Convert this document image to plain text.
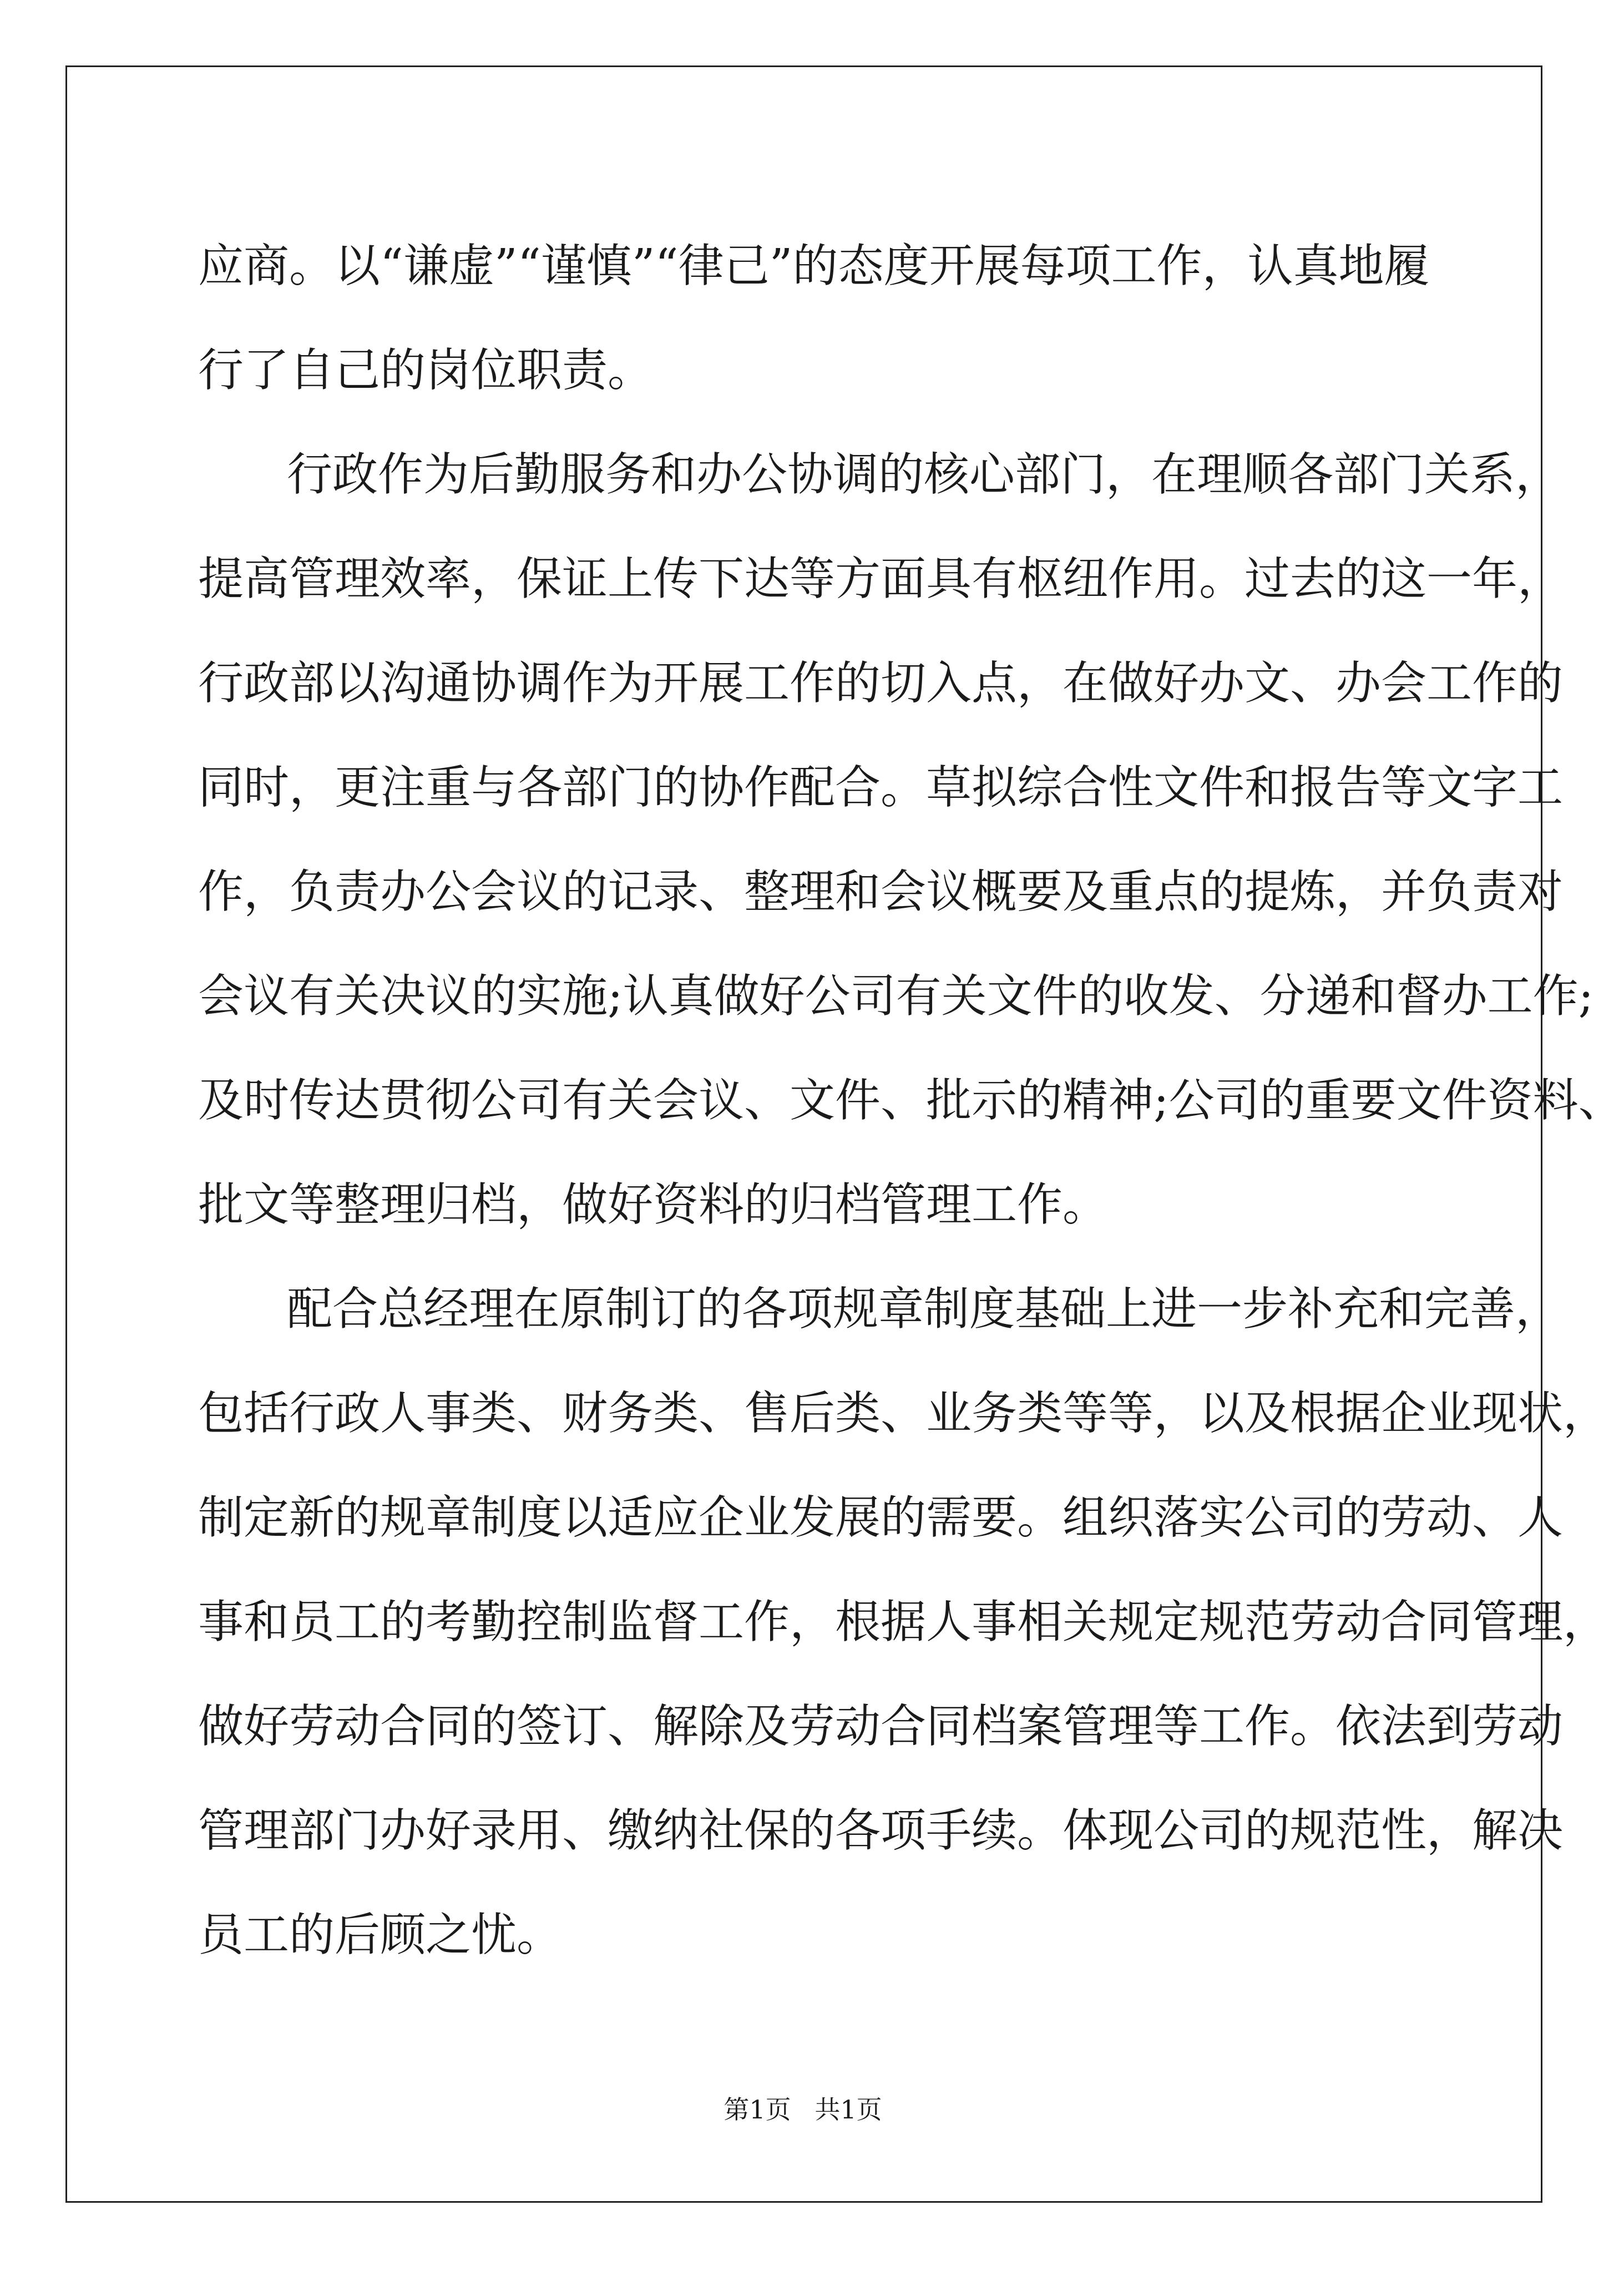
应商。以“谦虚”“谨慎”“律己”的态度开展每项工作，认真地履
行了自己的岗位职责。
行政作为后勤服务和办公协调的核心部门，在理顺各部门关系，
提高管理效率，保证上传下达等方面具有枢纽作用。过去的这一年，
行政部以沟通协调作为开展工作的切入点，在做好办文、办会工作的
同时，更注重与各部门的协作配合。草拟综合性文件和报告等文字工
作，负责办公会议的记录、整理和会议概要及重点的提炼，并负责对
会议有关决议的实施;认真做好公司有关文件的收发、分递和督办工作;
及时传达贯彻公司有关会议、文件、批示的精神;公司的重要文件资料、
批文等整理归档，做好资料的归档管理工作。
配合总经理在原制订的各项规章制度基础上进一步补充和完善，
包括行政人事类、财务类、售后类、业务类等等，以及根据企业现状，
制定新的规章制度以适应企业发展的需要。组织落实公司的劳动、人
事和员工的考勤控制监督工作，根据人事相关规定规范劳动合同管理，
做好劳动合同的签订、解除及劳动合同档案管理等工作。依法到劳动
管理部门办好录用、缴纳社保的各项手续。体现公司的规范性，解决
员工的后顾之忧。
第1页 共1页
